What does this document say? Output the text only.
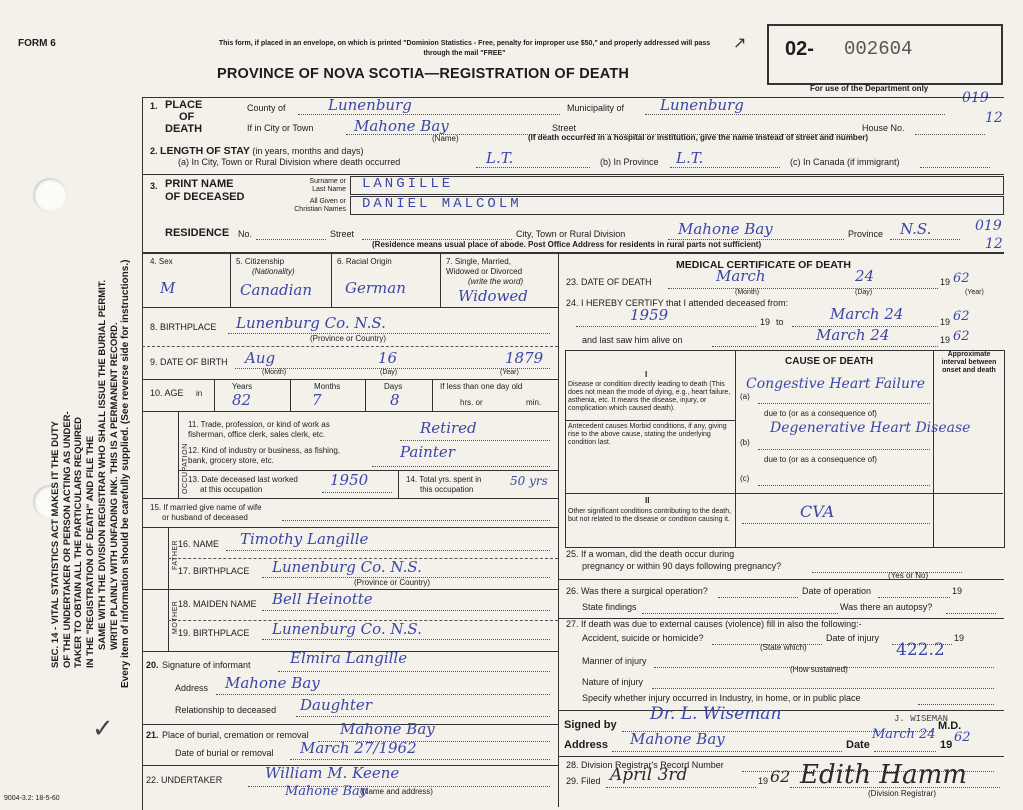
SEC. 14 - VITAL STATISTICS ACT MAKES IT THE DUTY OF THE UNDERTAKER OR PERSON ACTING AS UNDER- TAKER TO OBTAIN ALL THE PARTICULARS REQUIRED IN THE "REGISTRATION OF DEATH" AND FILE THE SAME WITH THE DIVISION REGISTRAR WHO SHALL ISSUE THE BURIAL PERMIT. WRITE PLAINLY WITH UNFADING INK. THIS IS A PERMANENT RECORD. Every item of information should be carefully supplied. (See reverse side for instructions.)
✓
FORM 6	This form, if placed in an envelope, on which is printed "Dominion Statistics - Free, penalty for improper use $50," and properly addressed will pass through the mail "FREE"
PROVINCE OF NOVA SCOTIA—REGISTRATION OF DEATH
↗ 02- 002604
For use of the Department only
019
12
1. PLACE
OF
DEATH
County of	Lunenburg	Municipality of Lunenburg
If in City or Town	Mahone Bay
(Name)
Street	House No.
(If death occurred in a hospital or institution, give the name instead of street and number)
2. LENGTH OF STAY (in years, months and days)
(a) In City, Town or Rural Division where death occurred	L.T.	(b) In Province L.T.	(c) In Canada (if immigrant)
3. PRINT NAME
OF DECEASED
Surname or
Last Name
All Given or
Christian Names
LANGILLE
DANIEL MALCOLM
RESIDENCE No.	Street	City, Town or Rural Division	Mahone Bay	Province N.S.	019
12
(Residence means usual place of abode. Post Office Address for residents in rural parts not sufficient)
4. Sex
M
5. Citizenship
(Nationality)
Canadian
6. Racial Origin
German
7. Single, Married,
Widowed or Divorced
(write the word)
Widowed
8. BIRTHPLACE Lunenburg Co. N.S.
(Province or Country)
9. DATE OF BIRTH Aug	16	1879
(Month)	(Day)	(Year)
10. AGE in
Years
82
Months
7
Days
8
If less than one day old
hrs. or	min.
OCCUPATION
11. Trade, profession, or kind of work as
fisherman, office clerk, sales clerk, etc.	Retired
12. Kind of industry or business, as fishing,
bank, grocery store, etc.	Painter
13. Date deceased last worked
at this occupation
1950	14. Total yrs. spent in
this occupation
50 yrs
15. If married give name of wife
or husband of deceased
FATHER 16. NAME Timothy Langille
17. BIRTHPLACE Lunenburg Co. N.S.
(Province or Country)
MOTHER 18. MAIDEN NAME Bell Heinotte
19. BIRTHPLACE Lunenburg Co. N.S.
20. Signature of informant	Elmira Langille
Address Mahone Bay
Relationship to deceased Daughter
21. Place of burial, cremation or removal Mahone Bay
Date of burial or removal March 27/1962
22. UNDERTAKER	William M. Keene
Mahone Bay
(Name and address)
MEDICAL CERTIFICATE OF DEATH
23. DATE OF DEATH	March	24	19 62
(Month)	(Day)	(Year)
24. I HEREBY CERTIFY that I attended deceased from:
1959	19 to	March 24	19 62
and last saw him alive on	March 24	19 62
CAUSE OF DEATH
Approximate interval between onset and death
I
Disease or condition directly leading to death (This does not mean the mode of dying, e.g., heart failure, asthenia, etc. It means the disease, injury, or complication which caused death).
(a)
Congestive Heart Failure
due to (or as a consequence of)
Antecedent causes Morbid conditions, if any, giving rise to the above cause, stating the underlying condition last.	(b)
Degenerative Heart Disease
due to (or as a consequence of)
(c)
II
Other significant conditions contributing to the death, but not related to the disease or condition causing it.	CVA
25. If a woman, did the death occur during
pregnancy or within 90 days following pregnancy?
(Yes or No)
26. Was there a surgical operation?	Date of operation	19
State findings	Was there an autopsy?
27. If death was due to external causes (violence) fill in also the following:-
Accident, suicide or homicide?
(State which)
Date of injury	19
Manner of injury
422.2
(How sustained)
Nature of injury
Specify whether injury occurred in Industry, in home, or in public place
Signed by
Dr. L. Wiseman	J. WISEMAN
M.D.
Address Mahone Bay	Date
March 24
19 62
28. Division Registrar's Record Number
29. Filed April 3rd	19 62 Edith Hamm
(Division Registrar)
9004-3.2: 18-5-60
